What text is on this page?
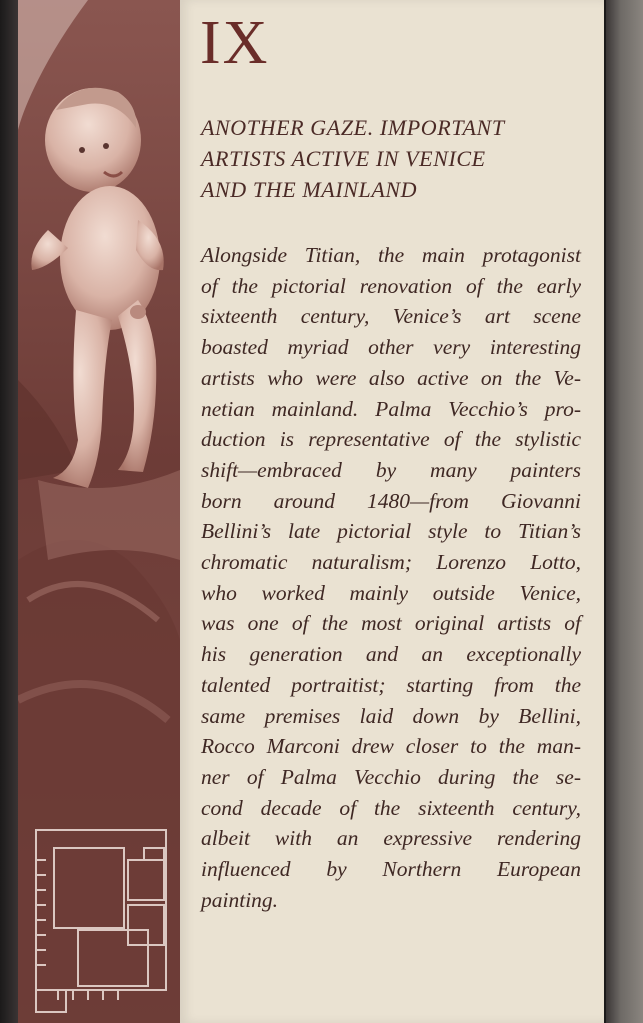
IX
ANOTHER GAZE. IMPORTANT
ARTISTS ACTIVE IN VENICE
AND THE MAINLAND
Alongside Titian, the main protagonist
of the pictorial renovation of the early
sixteenth century, Venice’s art scene
boasted myriad other very interesting
artists who were also active on the Ve-
netian mainland. Palma Vecchio’s pro-
duction is representative of the stylistic
shift—embraced by many painters
born around 1480—from Giovanni
Bellini’s late pictorial style to Titian’s
chromatic naturalism; Lorenzo Lotto,
who worked mainly outside Venice,
was one of the most original artists of
his generation and an exceptionally
talented portraitist; starting from the
same premises laid down by Bellini,
Rocco Marconi drew closer to the man-
ner of Palma Vecchio during the se-
cond decade of the sixteenth century,
albeit with an expressive rendering
influenced by Northern European
painting.
